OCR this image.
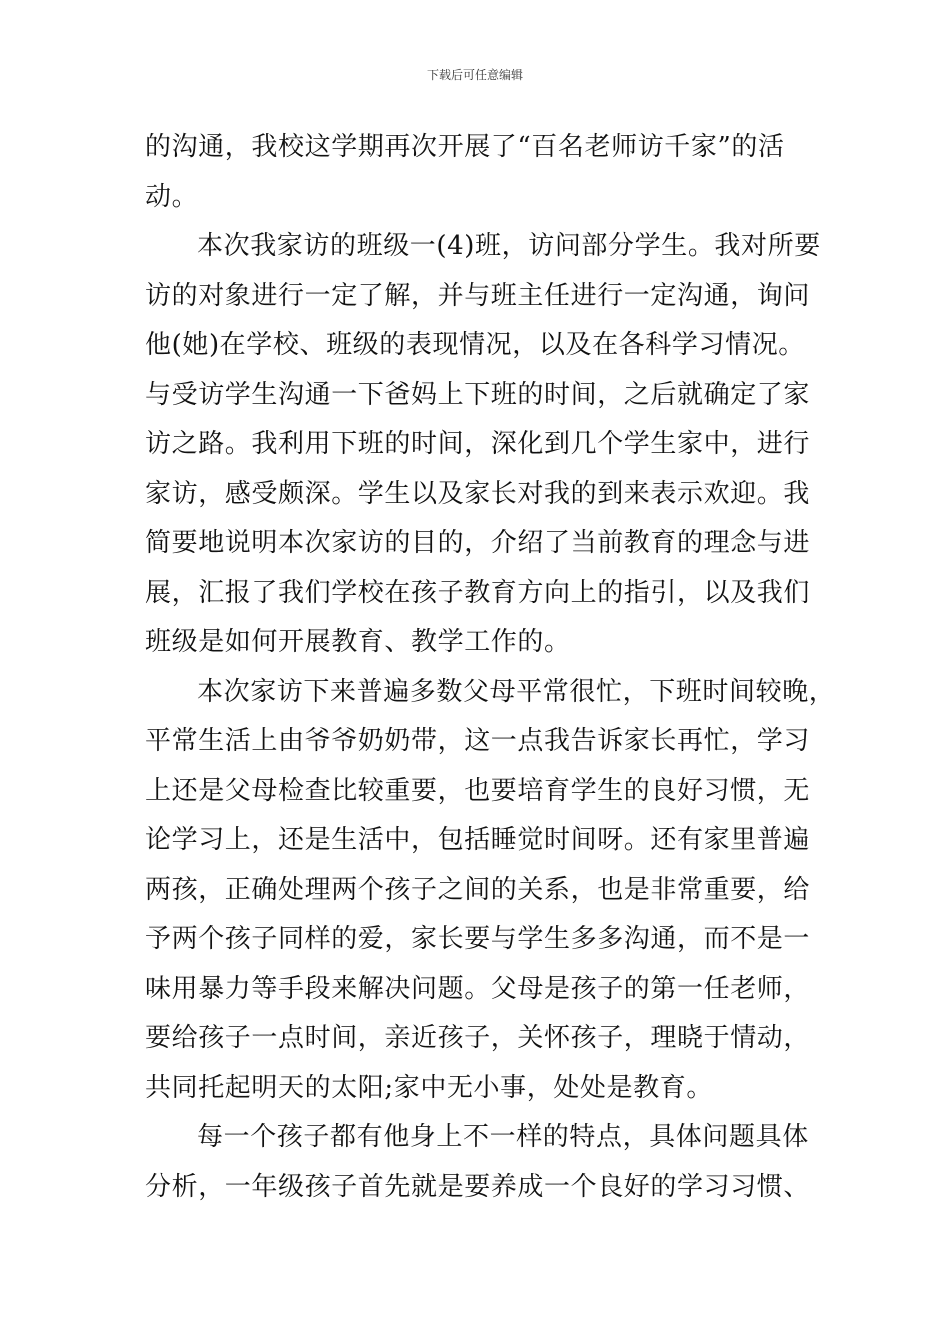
下载后可任意编辑
的沟通，我校这学期再次开展了“百名老师访千家”的活
动。
本次我家访的班级一(4)班，访问部分学生。我对所要
访的对象进行一定了解，并与班主任进行一定沟通，询问
他(她)在学校、班级的表现情况，以及在各科学习情况。
与受访学生沟通一下爸妈上下班的时间，之后就确定了家
访之路。我利用下班的时间，深化到几个学生家中，进行
家访，感受颇深。学生以及家长对我的到来表示欢迎。我
简要地说明本次家访的目的，介绍了当前教育的理念与进
展，汇报了我们学校在孩子教育方向上的指引，以及我们
班级是如何开展教育、教学工作的。
本次家访下来普遍多数父母平常很忙，下班时间较晚，
平常生活上由爷爷奶奶带，这一点我告诉家长再忙，学习
上还是父母检查比较重要，也要培育学生的良好习惯，无
论学习上，还是生活中，包括睡觉时间呀。还有家里普遍
两孩，正确处理两个孩子之间的关系，也是非常重要，给
予两个孩子同样的爱，家长要与学生多多沟通，而不是一
味用暴力等手段来解决问题。父母是孩子的第一任老师，
要给孩子一点时间，亲近孩子，关怀孩子，理晓于情动，
共同托起明天的太阳;家中无小事，处处是教育。
每一个孩子都有他身上不一样的特点，具体问题具体
分析，一年级孩子首先就是要养成一个良好的学习习惯、
